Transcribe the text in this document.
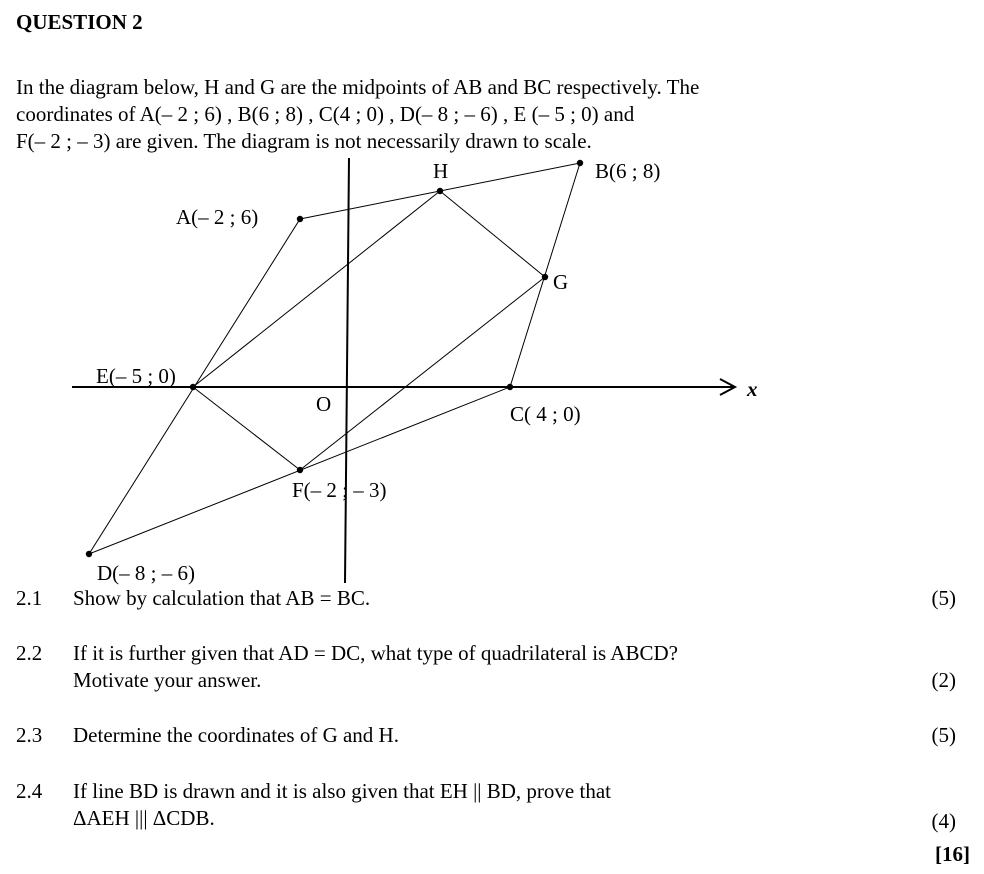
QUESTION 2
In the diagram below, H and G are the midpoints of AB and BC respectively. The
coordinates of A(– 2 ; 6) , B(6 ; 8) , C(4 ; 0) , D(– 8 ; – 6) , E (– 5 ; 0) and
F(– 2 ; – 3) are given. The diagram is not necessarily drawn to scale.
A(– 2 ; 6)
B(6 ; 8)
C( 4 ; 0)
D(– 8 ; – 6)
E(– 5 ; 0)
F(– 2 ; – 3)
G
H
O
x
2.1 Show by calculation that AB = BC.	(5)
2.2 If it is further given that AD = DC, what type of quadrilateral is ABCD?
Motivate your answer.	(2)
2.3 Determine the coordinates of G and H.	(5)
2.4 If line BD is drawn and it is also given that EH || BD, prove that
ΔAEH ||| ΔCDB.	(4)
[16]
